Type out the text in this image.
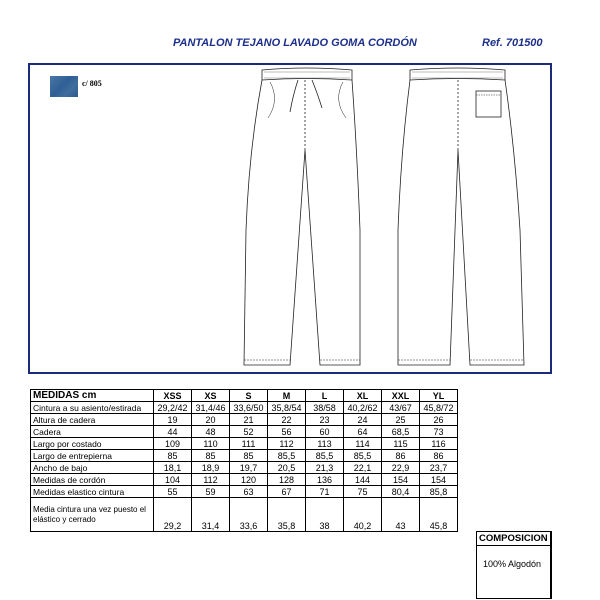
PANTALON TEJANO LAVADO GOMA CORDÓN	Ref. 701500
c/ 805
MEDIDAS cm	XSS	XS	S	M	L	XL	XXL	YL
Cintura a su asiento/estirada	29,2/42	31,4/46	33,6/50	35,8/54	38/58	40,2/62	43/67	45,8/72
Altura de cadera	19	20	21	22	23	24	25	26
Cadera	44	48	52	56	60	64	68,5	73
Largo por costado	109	110	111	112	113	114	115	116
Largo de entrepierna	85	85	85	85,5	85,5	85,5	86	86
Ancho de bajo	18,1	18,9	19,7	20,5	21,3	22,1	22,9	23,7
Medidas de cordón	104	112	120	128	136	144	154	154
Medidas elastico cintura	55	59	63	67	71	75	80,4	85,8
Media cintura una vez puesto el elástico y cerrado	29,2	31,4	33,6	35,8	38	40,2	43	45,8
COMPOSICION
100% Algodón
